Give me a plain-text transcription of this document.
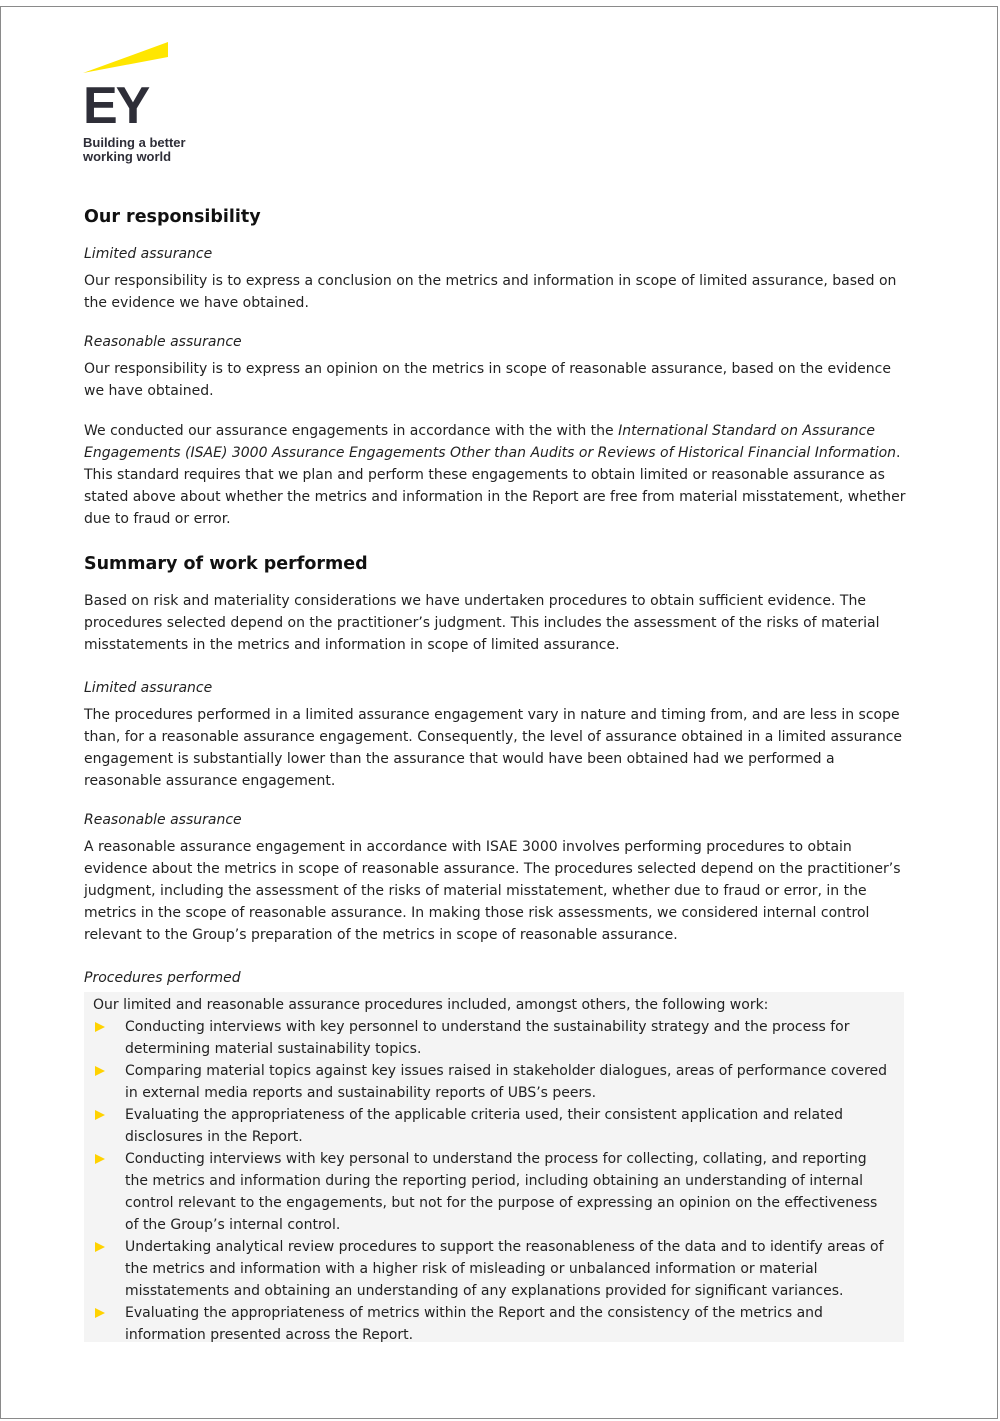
EY
Building a better
working world
Our responsibility
Limited assurance

Our responsibility is to express a conclusion on the metrics and information in scope of limited assurance, based on the evidence we have obtained.

Reasonable assurance

Our responsibility is to express an opinion on the metrics in scope of reasonable assurance, based on the evidence we have obtained.

We conducted our assurance engagements in accordance with the with the International Standard on Assurance Engagements (ISAE) 3000 Assurance Engagements Other than Audits or Reviews of Historical Financial Information. This standard requires that we plan and perform these engagements to obtain limited or reasonable assurance as stated above about whether the metrics and information in the Report are free from material misstatement, whether due to fraud or error.

Summary of work performed

Based on risk and materiality considerations we have undertaken procedures to obtain sufficient evidence. The procedures selected depend on the practitioner’s judgment. This includes the assessment of the risks of material misstatements in the metrics and information in scope of limited assurance.

Limited assurance

The procedures performed in a limited assurance engagement vary in nature and timing from, and are less in scope than, for a reasonable assurance engagement. Consequently, the level of assurance obtained in a limited assurance engagement is substantially lower than the assurance that would have been obtained had we performed a reasonable assurance engagement.

Reasonable assurance

A reasonable assurance engagement in accordance with ISAE 3000 involves performing procedures to obtain evidence about the metrics in scope of reasonable assurance. The procedures selected depend on the practitioner’s judgment, including the assessment of the risks of material misstatement, whether due to fraud or error, in the metrics in the scope of reasonable assurance. In making those risk assessments, we considered internal control relevant to the Group’s preparation of the metrics in scope of reasonable assurance.

Procedures performed
Our limited and reasonable assurance procedures included, amongst others, the following work:
Conducting interviews with key personnel to understand the sustainability strategy and the process for determining material sustainability topics.
Comparing material topics against key issues raised in stakeholder dialogues, areas of performance covered in external media reports and sustainability reports of UBS’s peers.
Evaluating the appropriateness of the applicable criteria used, their consistent application and related disclosures in the Report.
Conducting interviews with key personal to understand the process for collecting, collating, and reporting the metrics and information during the reporting period, including obtaining an understanding of internal control relevant to the engagements, but not for the purpose of expressing an opinion on the effectiveness of the Group’s internal control.
Undertaking analytical review procedures to support the reasonableness of the data and to identify areas of the metrics and information with a higher risk of misleading or unbalanced information or material misstatements and obtaining an understanding of any explanations provided for significant variances.
Evaluating the appropriateness of metrics within the Report and the consistency of the metrics and information presented across the Report.
